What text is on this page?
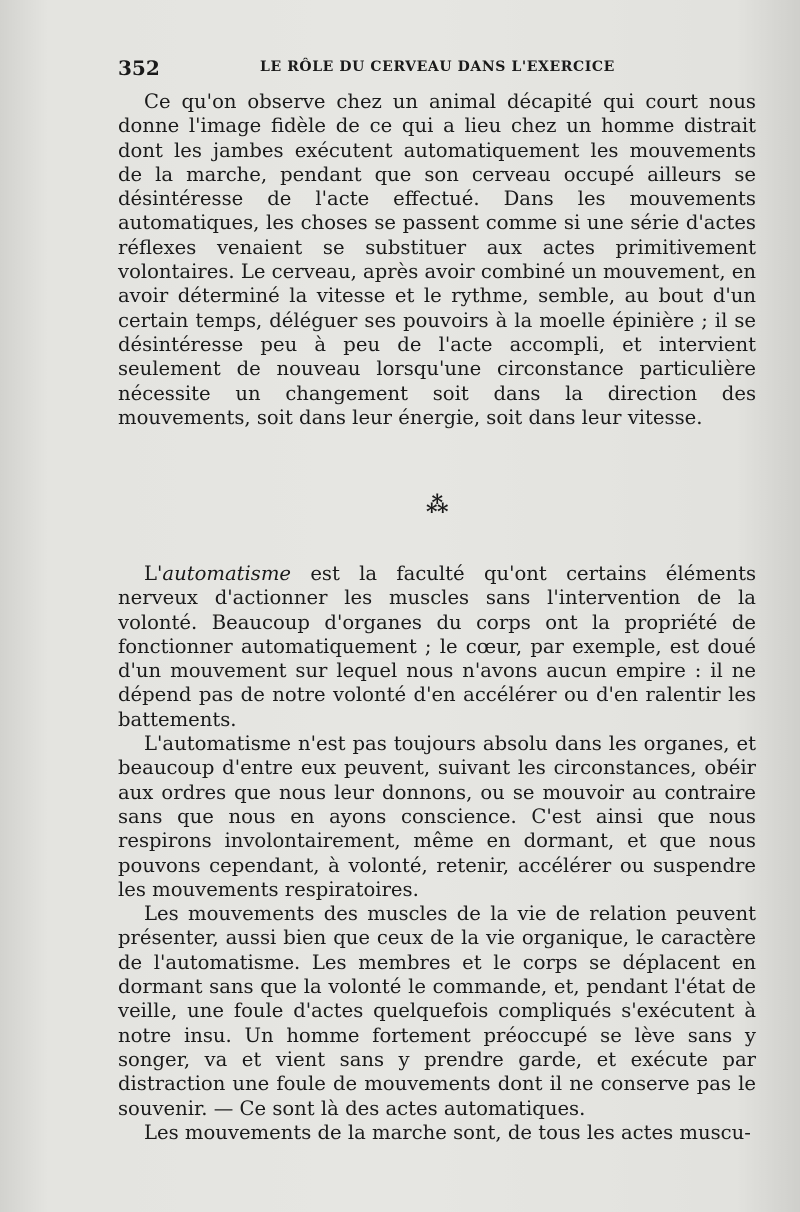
352	LE RÔLE DU CERVEAU DANS L'EXERCICE

Ce qu'on observe chez un animal décapité qui court nous donne l'image fidèle de ce qui a lieu chez un homme distrait dont les jambes exécutent automatiquement les mouvements de la marche, pendant que son cerveau occupé ailleurs se désintéresse de l'acte effectué. Dans les mouvements automatiques, les choses se passent comme si une série d'actes réflexes venaient se substituer aux actes primitivement volontaires. Le cerveau, après avoir combiné un mouvement, en avoir déterminé la vitesse et le rythme, semble, au bout d'un certain temps, déléguer ses pouvoirs à la moelle épinière ; il se désintéresse peu à peu de l'acte accompli, et intervient seulement de nouveau lorsqu'une circonstance particulière nécessite un changement soit dans la direction des mouvements, soit dans leur énergie, soit dans leur vitesse.

⁂

L'automatisme est la faculté qu'ont certains éléments nerveux d'actionner les muscles sans l'intervention de la volonté. Beaucoup d'organes du corps ont la propriété de fonctionner automatiquement ; le cœur, par exemple, est doué d'un mouvement sur lequel nous n'avons aucun empire : il ne dépend pas de notre volonté d'en accélérer ou d'en ralentir les battements.

L'automatisme n'est pas toujours absolu dans les organes, et beaucoup d'entre eux peuvent, suivant les circonstances, obéir aux ordres que nous leur donnons, ou se mouvoir au contraire sans que nous en ayons conscience. C'est ainsi que nous respirons involontairement, même en dormant, et que nous pouvons cependant, à volonté, retenir, accélérer ou suspendre les mouvements respiratoires.

Les mouvements des muscles de la vie de relation peuvent présenter, aussi bien que ceux de la vie organique, le caractère de l'automatisme. Les membres et le corps se déplacent en dormant sans que la volonté le commande, et, pendant l'état de veille, une foule d'actes quelquefois compliqués s'exécutent à notre insu. Un homme fortement préoccupé se lève sans y songer, va et vient sans y prendre garde, et exécute par distraction une foule de mouvements dont il ne conserve pas le souvenir. — Ce sont là des actes automatiques.

Les mouvements de la marche sont, de tous les actes muscu-
